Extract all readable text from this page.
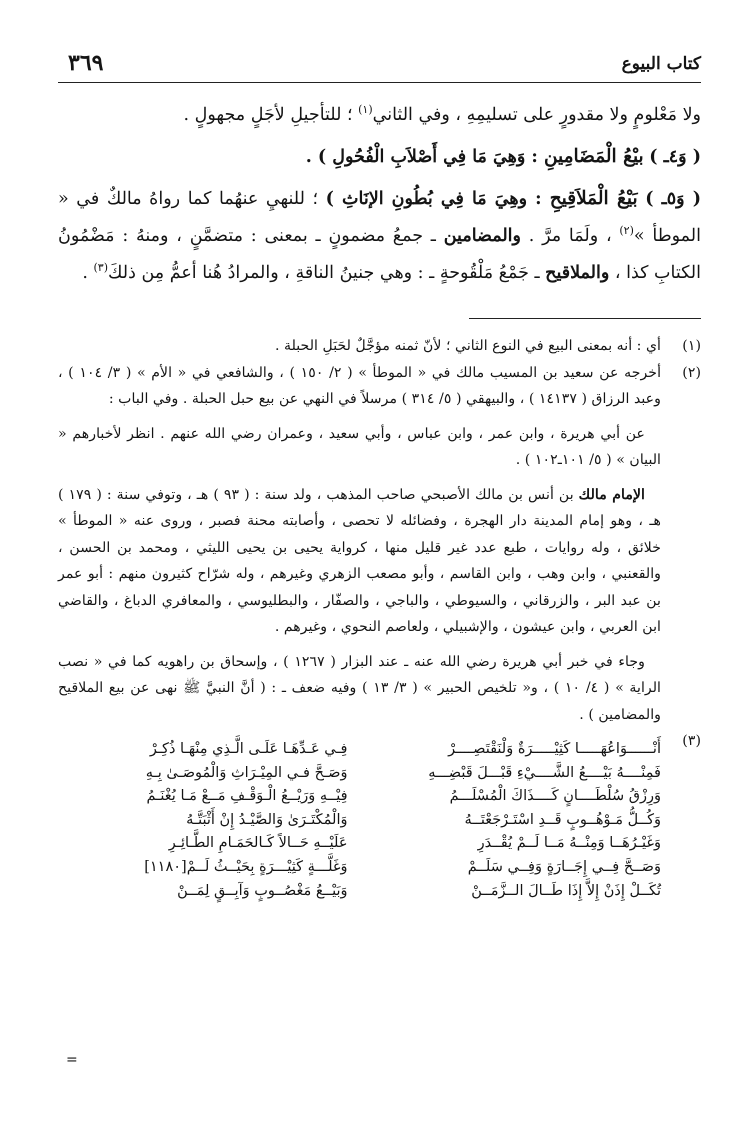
كتاب البيوع
٣٦٩

ولا مَعْلومٍ ولا مقدورٍ على تسليمِهِ ، وفي الثاني$^{(١)}$ ؛ للتأجيلِ لأجَلٍ مجهولٍ .

( وَ٤ـ ) بيْعُ الْمَضَامِينِ : وَهِيَ مَا فِي أَصْلاَبِ الْفُحُولِ ) .

( وَ٥ـ ) بَيْعُ الْمَلاَقِيحِ : وهِيَ مَا فِي بُطُونِ الإنَاثِ ) ؛ للنهيِ عنهُما كما رواهُ مالكٌ في « الموطأ »$^{(٢)}$ ، ولَمَا مرَّ . والمضامين ـ جمعُ مضمونٍ ـ بمعنى : متضمَّنٍ ، ومنهُ : مَضْمُونُ الكتابِ كذا ، والملاقيح ـ جَمْعُ مَلْقُوحةٍ ـ : وهي جنينُ الناقةِ ، والمرادُ هُنا أعمُّ مِن ذلكَ$^{(٣)}$ .

(١)

أي : أنه بمعنى البيع في النوع الثاني ؛ لأنّ ثمنه مؤجَّلٌ لحَبَلِ الحبلة .

(٢)

أخرجه عن سعيد بن المسيب مالك في « الموطأ » ( ٢/ ١٥٠ ) ، والشافعي في « الأم » ( ٣/ ١٠٤ ) ، وعبد الرزاق ( ١٤١٣٧ ) ، والبيهقي ( ٥/ ٣١٤ ) مرسلاً في النهي عن بيع حبل الحبلة . وفي الباب :

عن أبي هريرة ، وابن عمر ، وابن عباس ، وأبي سعيد ، وعمران رضي الله عنهم . انظر لأخبارهم « البيان » ( ٥/ ١٠١ـ١٠٢ ) .

الإمام مالك بن أنس بن مالك الأصبحي صاحب المذهب ، ولد سنة : ( ٩٣ ) هـ ، وتوفي سنة : ( ١٧٩ ) هـ ، وهو إمام المدينة دار الهجرة ، وفضائله لا تحصى ، وأصابته محنة فصبر ، وروى عنه « الموطأ » خلائق ، وله روايات ، طبع عدد غير قليل منها ، كرواية يحيى بن يحيى الليثي ، ومحمد بن الحسن ، والقعنبي ، وابن وهب ، وابن القاسم ، وأبو مصعب الزهري وغيرهم ، وله شرّاح كثيرون منهم : أبو عمر بن عبد البر ، والزرقاني ، والسيوطي ، والباجي ، والصفّار ، والبطليوسي ، والمعافري الدباغ ، والقاضي ابن العربي ، وابن عيشون ، والإشبيلي ، ولعاصم النحوي ، وغيرهم .

وجاء في خبر أبي هريرة رضي الله عنه ـ عند البزار ( ١٢٦٧ ) ، وإسحاق بن راهويه كما في « نصب الراية » ( ٤/ ١٠ ) ، و« تلخيص الحبير » ( ٣/ ١٣ ) وفيه ضعف ـ : ( أنَّ النبيَّ ﷺ نهى عن بيع الملاقيح والمضامين ) .

(٣)
أَنْــــــوَاعُهَـــــا كَثِيْـــــرَةٌ وَلْنَقْتَصِــــرْ
فِـي عَـدِّهَـا عَلَـى الَّـذِي مِنْهَـا ذُكِـرْ
فَمِنْــــهُ بَيْــــعُ الشَّــــيْءِ قَبْـــلَ قَبْضِـــهِ
وَصَـحَّ فـي المِيْـرَاثِ وَالْمُوصَـىٰ بِـهِ
وَرِزْقُ سُلْطَــــانٍ كَــــذَاكَ الْمُسْلَـــمُ
فِيْــهِ وَرَيْــعُ الْـوَقْـفِ مَــعْ مَـا يُغْنَـمُ
وَكُــلُّ مَـوْهُــوبٍ قَــدِ اسْتَـرْجَعْتَــهُ
وَالْمُكْتَـرَىٰ وَالصَّيْـدُ إِنْ أَثْبَتَّـهُ
وَغَيْـرُهَــا وَمِنْــهُ مَــا لَــمْ يُقْــدَرِ
عَلَيْــهِ حَــالاً كَـالحَمَـامِ الطَّـائِـرِ
وَصَــحَّ فِــي إِجَــارَةٍ وَفِــي سَلَــمْ
وَغَلَّـــةٍ كَثِيْـــرَةٍ بِحَيْــثُ لَــمْ[١١٨٠]
تُكَــلْ إِذَنْ إِلاَّ إِذَا طَــالَ الــزَّمَــنْ
وَبَيْــعُ مَغْصُــوبٍ وَآبِــقٍ لِمَــنْ
=
